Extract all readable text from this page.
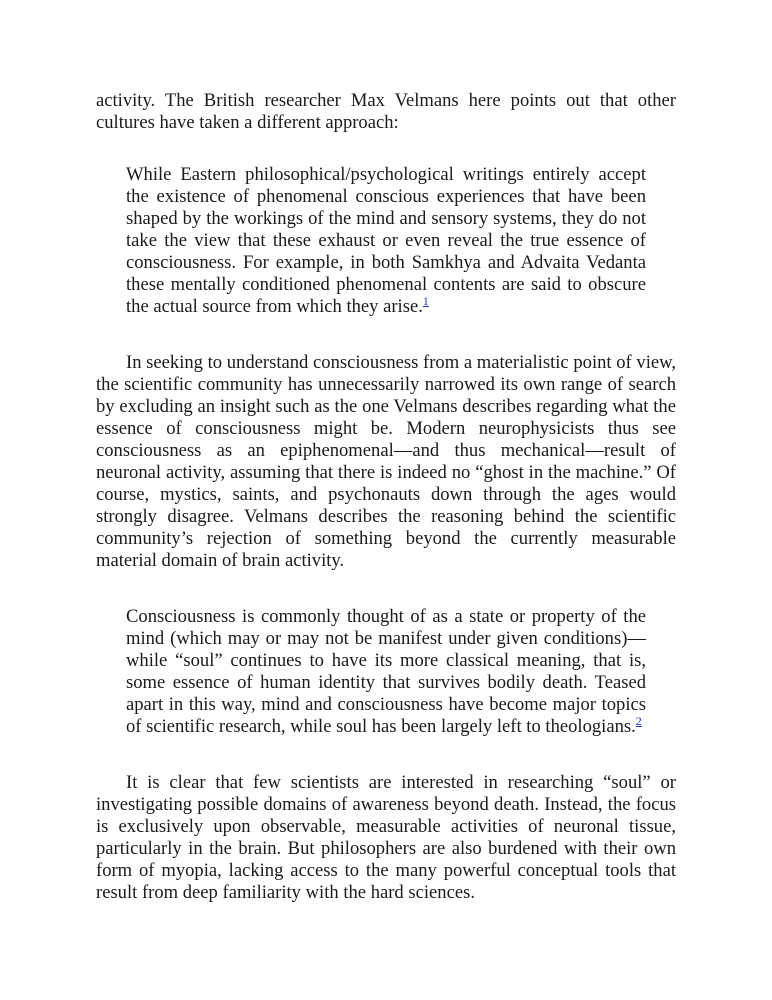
activity. The British researcher Max Velmans here points out that other cultures have taken a different approach:

While Eastern philosophical/psychological writings entirely accept the existence of phenomenal conscious experiences that have been shaped by the workings of the mind and sensory systems, they do not take the view that these exhaust or even reveal the true essence of consciousness. For example, in both Samkhya and Advaita Vedanta these mentally conditioned phenomenal contents are said to obscure the actual source from which they arise.$^1$

In seeking to understand consciousness from a materialistic point of view, the scientific community has unnecessarily narrowed its own range of search by excluding an insight such as the one Velmans describes regarding what the essence of consciousness might be. Modern neurophysicists thus see consciousness as an epiphenomenal—and thus mechanical—result of neuronal activity, assuming that there is indeed no “ghost in the machine.” Of course, mystics, saints, and psychonauts down through the ages would strongly disagree. Velmans describes the reasoning behind the scientific community’s rejection of something beyond the currently measurable material domain of brain activity.

Consciousness is commonly thought of as a state or property of the mind (which may or may not be manifest under given conditions)—while “soul” continues to have its more classical meaning, that is, some essence of human identity that survives bodily death. Teased apart in this way, mind and consciousness have become major topics of scientific research, while soul has been largely left to theologians.$^2$

It is clear that few scientists are interested in researching “soul” or investigating possible domains of awareness beyond death. Instead, the focus is exclusively upon observable, measurable activities of neuronal tissue, particularly in the brain. But philosophers are also burdened with their own form of myopia, lacking access to the many powerful conceptual tools that result from deep familiarity with the hard sciences.
